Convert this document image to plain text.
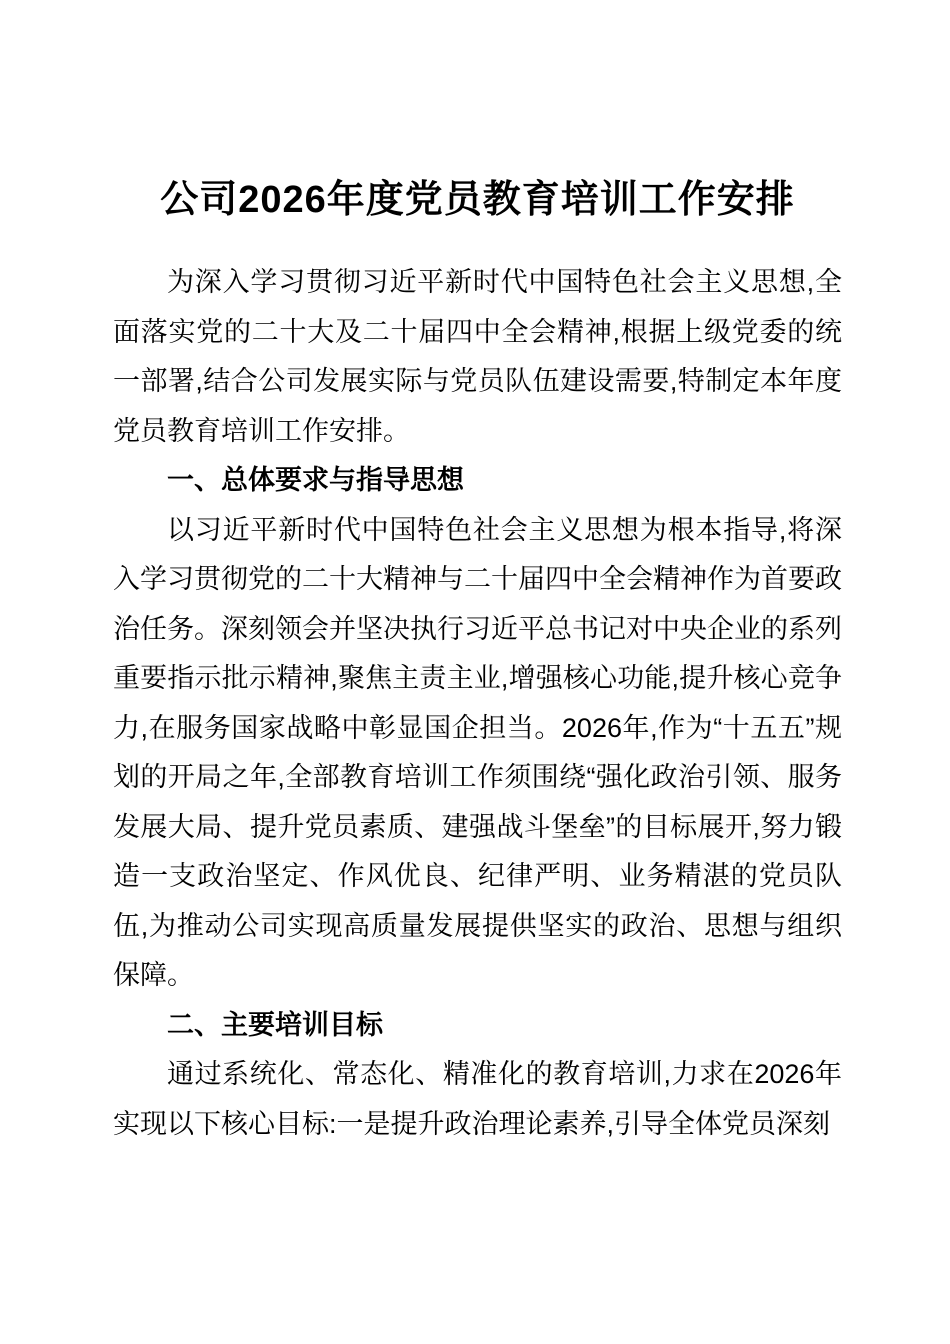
公司2026年度党员教育培训工作安排

为深入学习贯彻习近平新时代中国特色社会主义思想,全面落实党的二十大及二十届四中全会精神,根据上级党委的统一部署,结合公司发展实际与党员队伍建设需要,特制定本年度党员教育培训工作安排。

一、总体要求与指导思想

以习近平新时代中国特色社会主义思想为根本指导,将深入学习贯彻党的二十大精神与二十届四中全会精神作为首要政治任务。深刻领会并坚决执行习近平总书记对中央企业的系列重要指示批示精神,聚焦主责主业,增强核心功能,提升核心竞争力,在服务国家战略中彰显国企担当。2026年,作为“十五五”规划的开局之年,全部教育培训工作须围绕“强化政治引领、服务发展大局、提升党员素质、建强战斗堡垒”的目标展开,努力锻造一支政治坚定、作风优良、纪律严明、业务精湛的党员队伍,为推动公司实现高质量发展提供坚实的政治、思想与组织保障。

二、主要培训目标

通过系统化、常态化、精准化的教育培训,力求在2026年实现以下核心目标:一是提升政治理论素养,引导全体党员深刻
